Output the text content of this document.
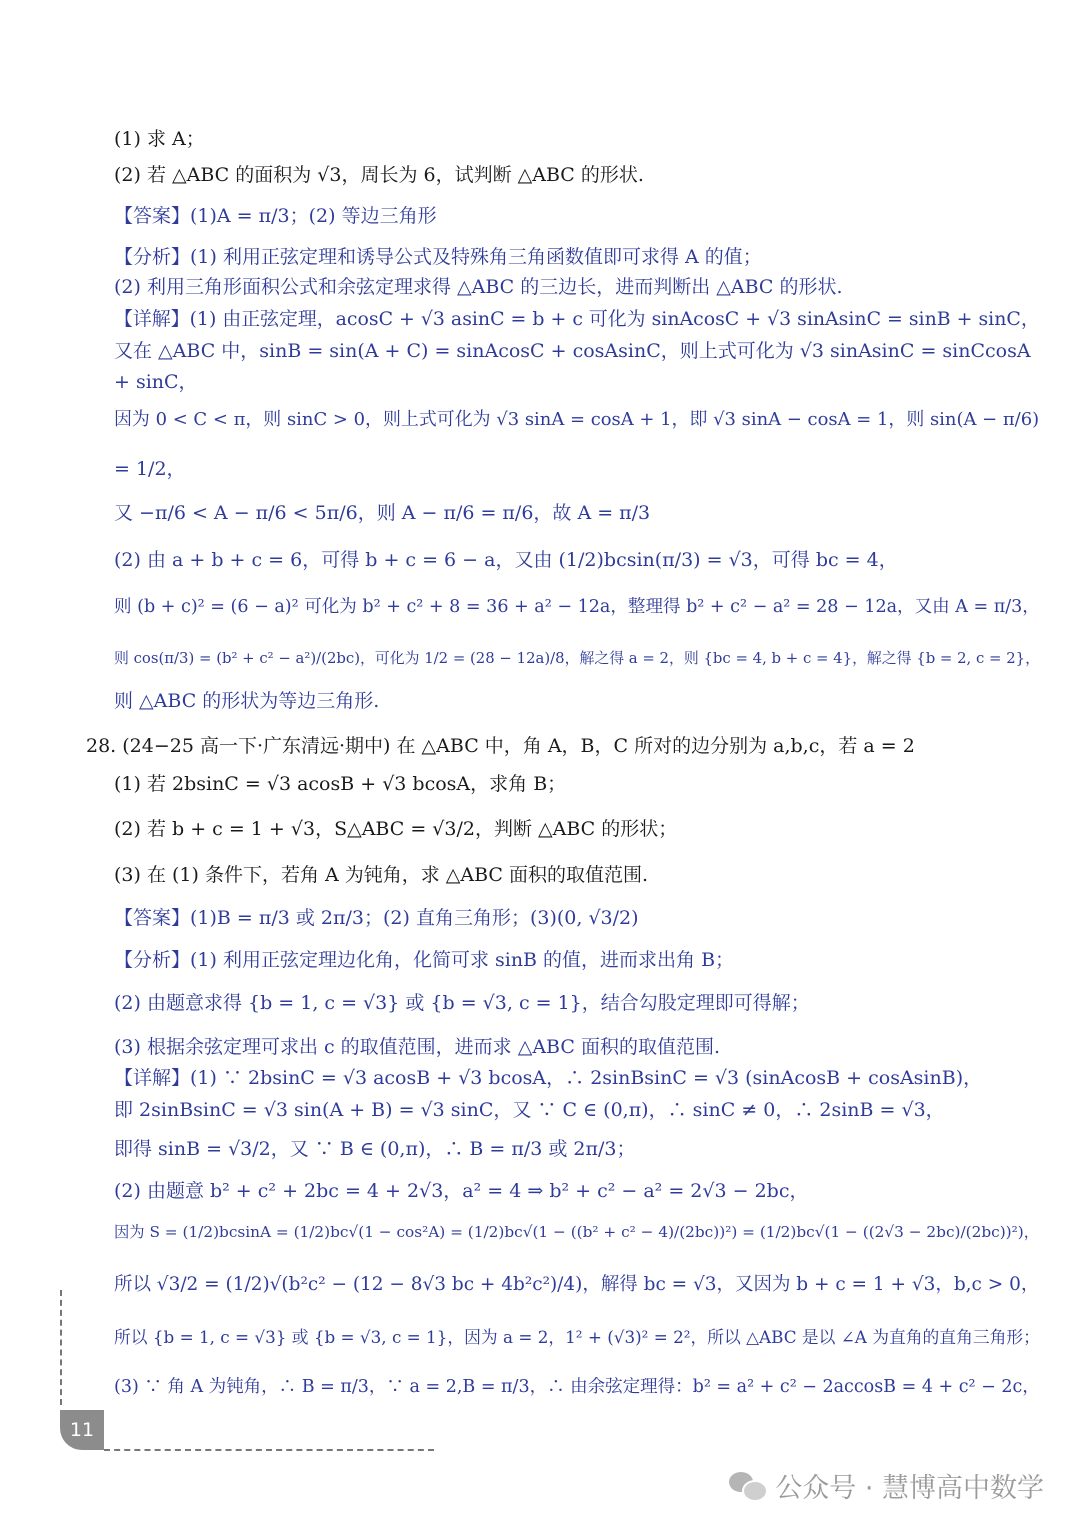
(1) 求 A；
(2) 若 △ABC 的面积为 √3，周长为 6，试判断 △ABC 的形状.
【答案】(1)A = π/3；(2) 等边三角形
【分析】(1) 利用正弦定理和诱导公式及特殊角三角函数值即可求得 A 的值；
(2) 利用三角形面积公式和余弦定理求得 △ABC 的三边长，进而判断出 △ABC 的形状.
【详解】(1) 由正弦定理，acosC + √3 asinC = b + c 可化为 sinAcosC + √3 sinAsinC = sinB + sinC，
又在 △ABC 中，sinB = sin(A + C) = sinAcosC + cosAsinC，则上式可化为 √3 sinAsinC = sinCcosA
+ sinC，
因为 0 < C < π，则 sinC > 0，则上式可化为 √3 sinA = cosA + 1，即 √3 sinA − cosA = 1，则 sin(A − π/6)
= 1/2，
又 −π/6 < A − π/6 < 5π/6，则 A − π/6 = π/6，故 A = π/3
(2) 由 a + b + c = 6，可得 b + c = 6 − a，又由 (1/2)bcsin(π/3) = √3，可得 bc = 4，
则 (b + c)² = (6 − a)² 可化为 b² + c² + 8 = 36 + a² − 12a，整理得 b² + c² − a² = 28 − 12a，又由 A = π/3，
则 cos(π/3) = (b² + c² − a²)/(2bc)，可化为 1/2 = (28 − 12a)/8，解之得 a = 2，则 {bc = 4, b + c = 4}，解之得 {b = 2, c = 2}，
则 △ABC 的形状为等边三角形.
28. (24−25 高一下·广东清远·期中) 在 △ABC 中，角 A，B，C 所对的边分别为 a,b,c，若 a = 2
(1) 若 2bsinC = √3 acosB + √3 bcosA，求角 B；
(2) 若 b + c = 1 + √3，S△ABC = √3/2，判断 △ABC 的形状；
(3) 在 (1) 条件下，若角 A 为钝角，求 △ABC 面积的取值范围.
【答案】(1)B = π/3 或 2π/3；(2) 直角三角形；(3)(0, √3/2)
【分析】(1) 利用正弦定理边化角，化简可求 sinB 的值，进而求出角 B；
(2) 由题意求得 {b = 1, c = √3} 或 {b = √3, c = 1}，结合勾股定理即可得解；
(3) 根据余弦定理可求出 c 的取值范围，进而求 △ABC 面积的取值范围.
【详解】(1) ∵ 2bsinC = √3 acosB + √3 bcosA，∴ 2sinBsinC = √3 (sinAcosB + cosAsinB)，
即 2sinBsinC = √3 sin(A + B) = √3 sinC，又 ∵ C ∈ (0,π)，∴ sinC ≠ 0，∴ 2sinB = √3，
即得 sinB = √3/2，又 ∵ B ∈ (0,π)，∴ B = π/3 或 2π/3；
(2) 由题意 b² + c² + 2bc = 4 + 2√3，a² = 4 ⇒ b² + c² − a² = 2√3 − 2bc，
因为 S = (1/2)bcsinA = (1/2)bc√(1 − cos²A) = (1/2)bc√(1 − ((b² + c² − 4)/(2bc))²) = (1/2)bc√(1 − ((2√3 − 2bc)/(2bc))²)，
所以 √3/2 = (1/2)√(b²c² − (12 − 8√3 bc + 4b²c²)/4)，解得 bc = √3，又因为 b + c = 1 + √3，b,c > 0，
所以 {b = 1, c = √3} 或 {b = √3, c = 1}，因为 a = 2，1² + (√3)² = 2²，所以 △ABC 是以 ∠A 为直角的直角三角形；
(3) ∵ 角 A 为钝角，∴ B = π/3，∵ a = 2,B = π/3，∴ 由余弦定理得：b² = a² + c² − 2accosB = 4 + c² − 2c，
11
公众号 · 慧博高中数学
